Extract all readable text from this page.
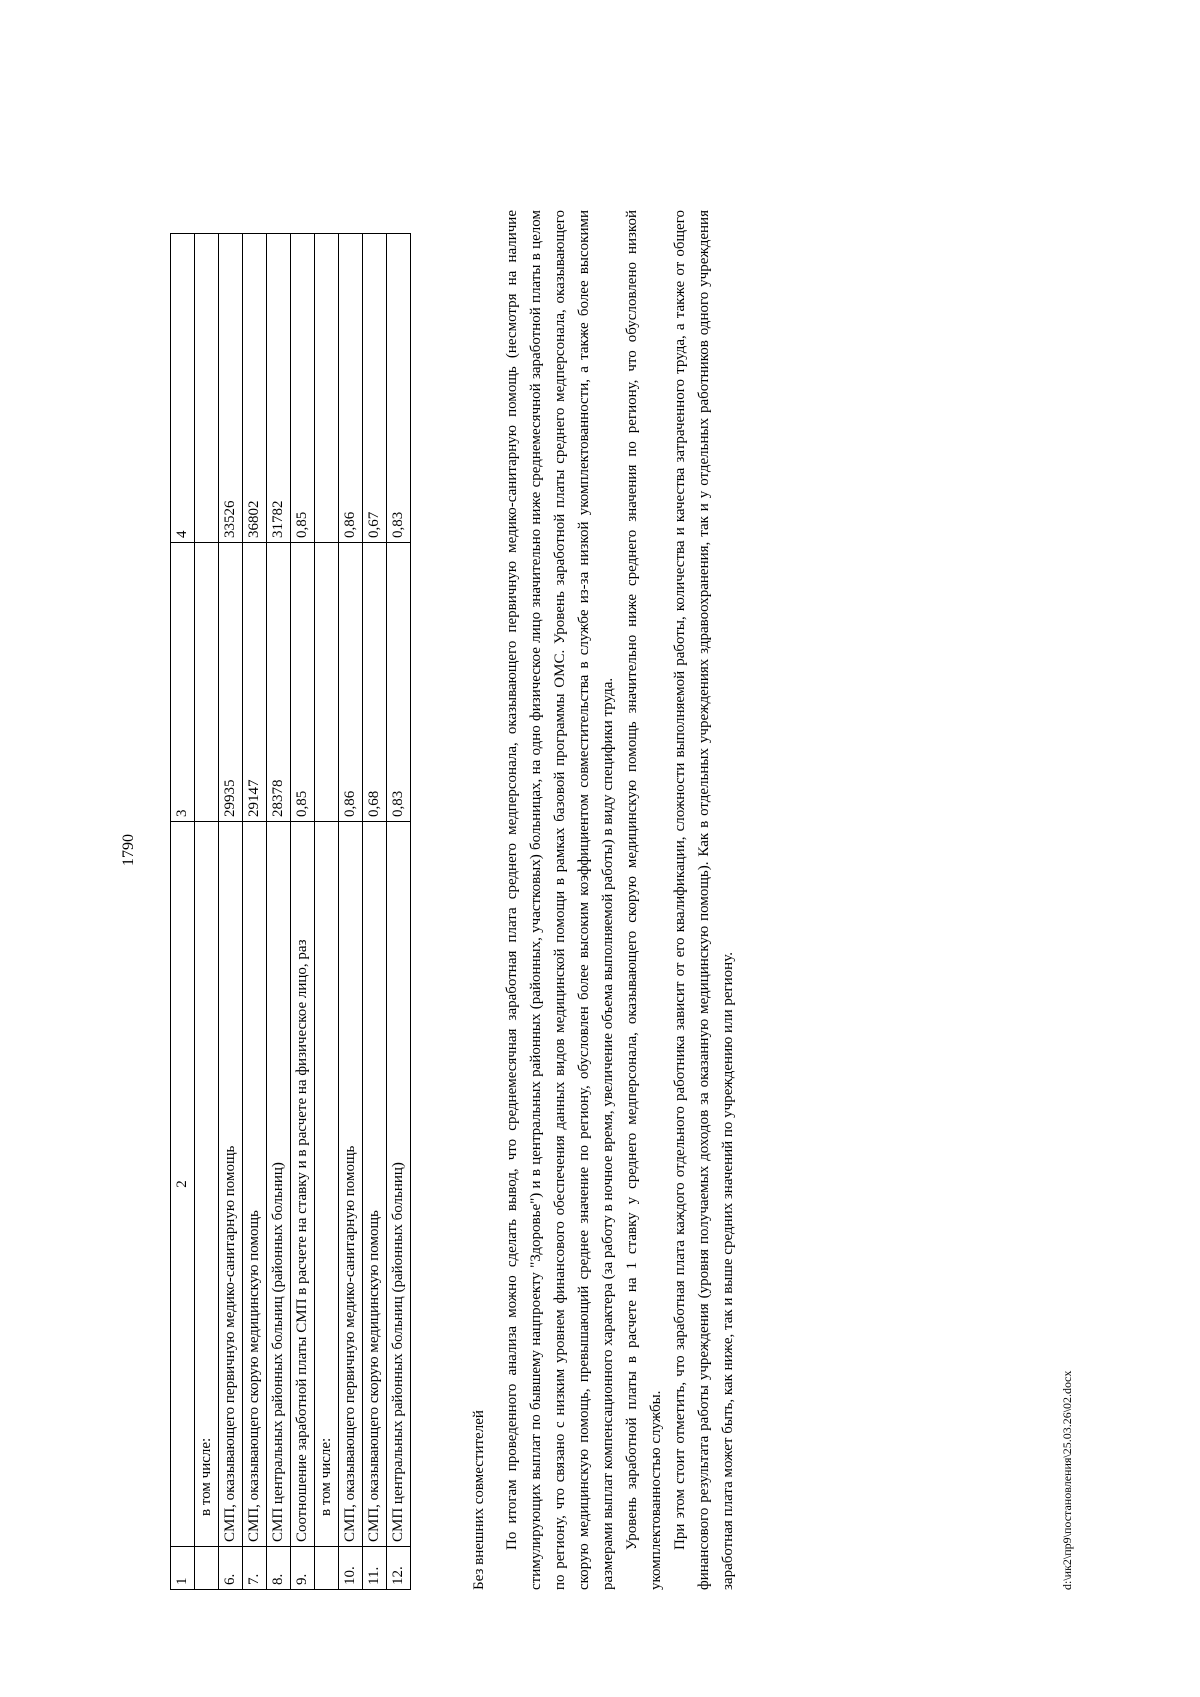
1790
1	2	3	4
	в том числе:		
6.	СМП, оказывающего первичную медико-санитарную помощь	29935	33526
7.	СМП, оказывающего скорую медицинскую помощь	29147	36802
8.	СМП центральных районных больниц (районных больниц)	28378	31782
9.	Соотношение заработной платы СМП в расчете на ставку и в расчете на физическое лицо, раз	0,85	0,85
	в том числе:		
10.	СМП, оказывающего первичную медико-санитарную помощь	0,86	0,86
11.	СМП, оказывающего скорую медицинскую помощь	0,68	0,67
12.	СМП центральных районных больниц (районных больниц)	0,83	0,83
Без внешних совместителей По итогам проведенного анализа можно сделать вывод, что среднемесячная заработная плата среднего медперсонала, оказывающего первичную медико-санитарную помощь (несмотря на наличие стимулирующих выплат по бывшему нацпроекту "Здоровье") и в центральных районных (районных, участковых) больницах, на одно физическое лицо значительно ниже среднемесячной заработной платы в целом по региону, что связано с низким уровнем финансового обеспечения данных видов медицинской помощи в рамках базовой программы ОМС. Уровень заработной платы среднего медперсонала, оказывающего скорую медицинскую помощь, превышающий среднее значение по региону, обусловлен более высоким коэффициентом совместительства в службе из-за низкой укомплектованности, а также более высокими размерами выплат компенсационного характера (за работу в ночное время, увеличение объема выполняемой работы) в виду специфики труда. Уровень заработной платы в расчете на 1 ставку у среднего медперсонала, оказывающего скорую медицинскую помощь значительно ниже среднего значения по региону, что обусловлено низкой укомплектованностью службы. При этом стоит отметить, что заработная плата каждого отдельного работника зависит от его квалификации, сложности выполняемой работы, количества и качества затраченного труда, а также от общего финансового результата работы учреждения (уровня получаемых доходов за оказанную медицинскую помощь). Как в отдельных учреждениях здравоохранения, так и у отдельных работников одного учреждения заработная плата может быть, как ниже, так и выше средних значений по учреждению или региону.	d:\ик2\пр9\постановления\25.03.26\02.docx
